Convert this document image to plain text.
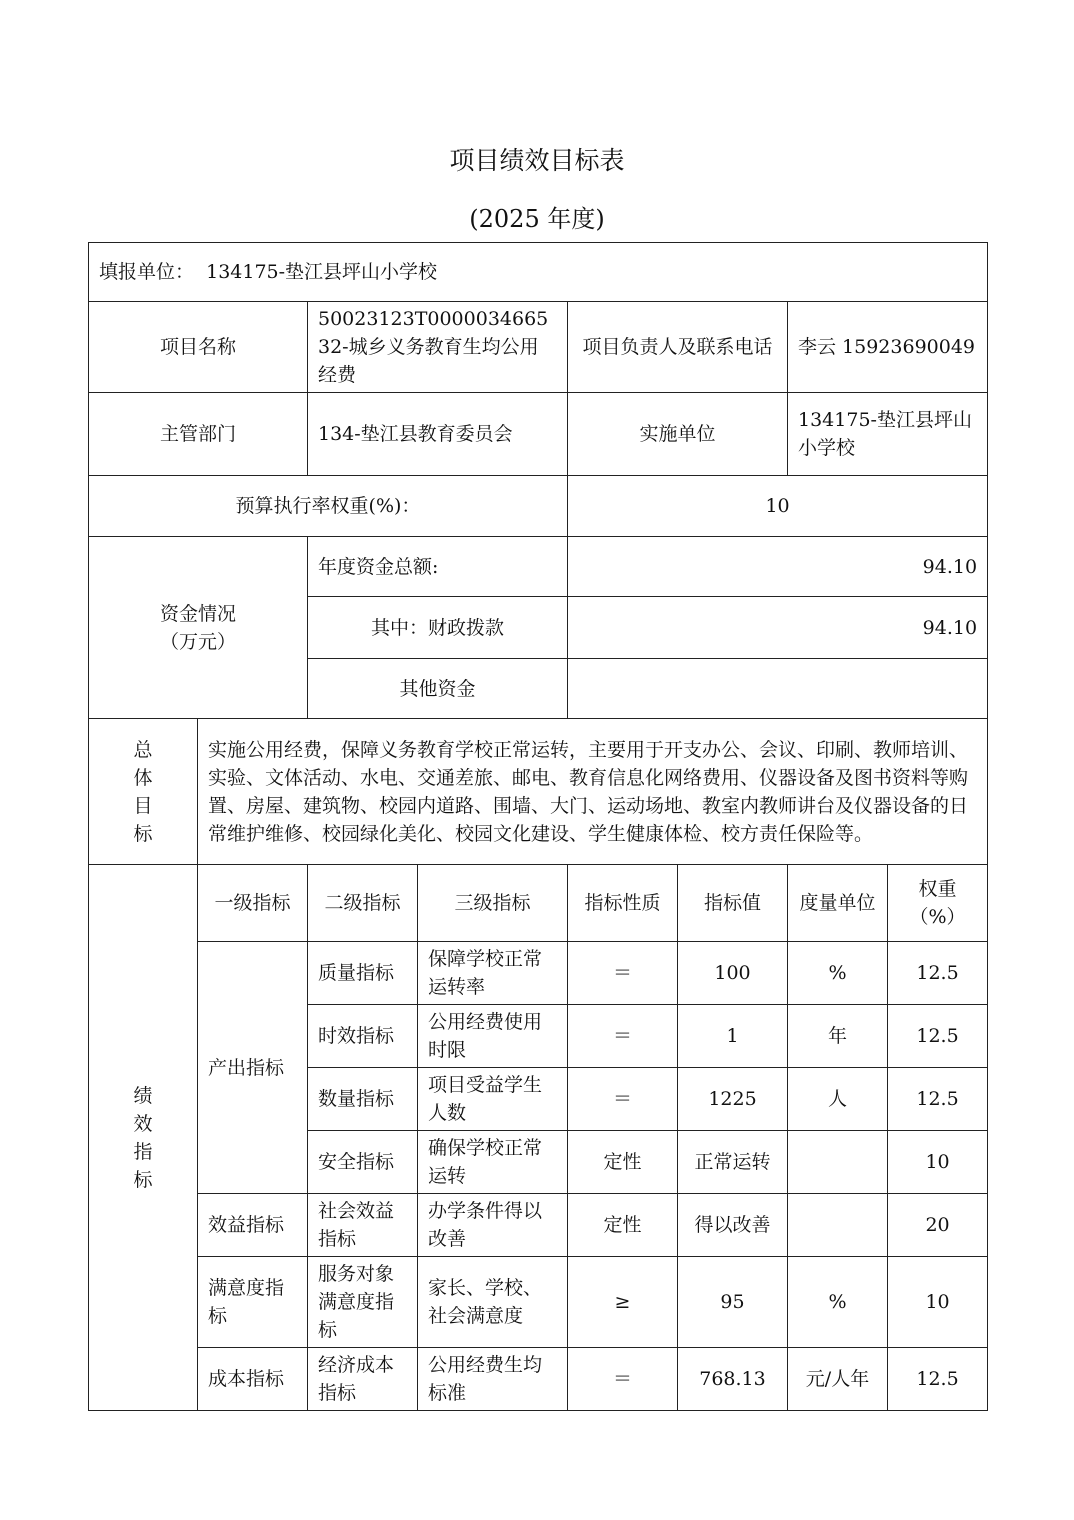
项目绩效目标表
(2025 年度)
填报单位： 134175-垫江县坪山小学校							
项目名称		50023123T000003466532-城乡义务教育生均公用经费		项目负责人及联系电话		李云 15923690049	
主管部门		134-垫江县教育委员会		实施单位		134175-垫江县坪山小学校	
预算执行率权重(%)：				10			

资金情况
（万元）		年度资金总额:		94.10			
		其中：财政拨款		94.10			
		其他资金					

总
体
目
标	实施公用经费，保障义务教育学校正常运转，主要用于开支办公、会议、印刷、教师培训、实验、文体活动、水电、交通差旅、邮电、教育信息化网络费用、仪器设备及图书资料等购置、房屋、建筑物、校园内道路、围墙、大门、运动场地、教室内教师讲台及仪器设备的日常维护维修、校园绿化美化、校园文化建设、学生健康体检、校方责任保险等。						

绩
效
指
标	一级指标	二级指标	三级指标	指标性质	指标值	度量单位	权重（%）
	产出指标	质量指标	保障学校正常运转率	＝	100	%	12.5
		时效指标	公用经费使用时限	＝	1	年	12.5
		数量指标	项目受益学生人数	＝	1225	人	12.5
		安全指标	确保学校正常运转	定性	正常运转		10
	效益指标	社会效益指标	办学条件得以改善	定性	得以改善		20
	满意度指标	服务对象满意度指标	家长、学校、社会满意度	≥	95	%	10
	成本指标	经济成本指标	公用经费生均标准	＝	768.13	元/人年	12.5
